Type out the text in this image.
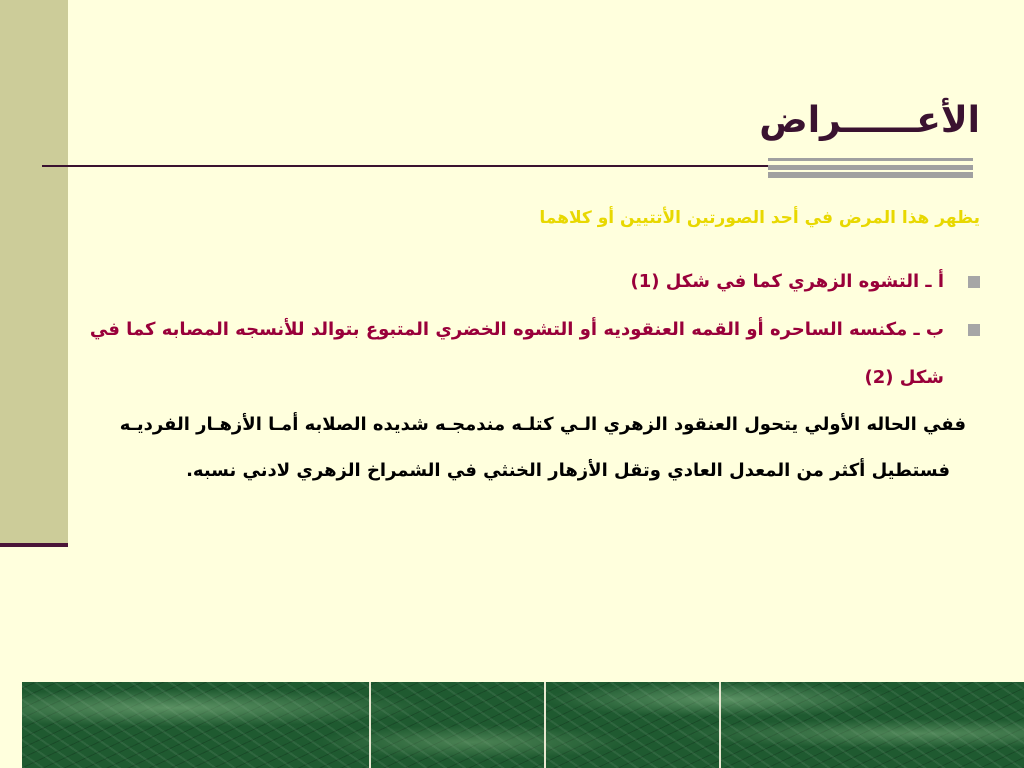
الأعــــــراض
يظهر هذا المرض في أحد الصورتين الأتتيين أو كلاهما
أ ـ التشوه الزهري كما في شكل (1)
ب ـ مكنسه الساحره أو القمه العنقوديه أو التشوه الخضري المتبوع بتوالد للأنسجه المصابه كما في شكل (2)
ففي الحاله الأولي يتحول العنقود الزهري الـي كتلـه مندمجـه شديده الصلابه أمـا الأزهـار الفرديـه
فستطيل أكثر من المعدل العادي وتقل الأزهار الخنثي في الشمراخ الزهري لادني نسبه.
